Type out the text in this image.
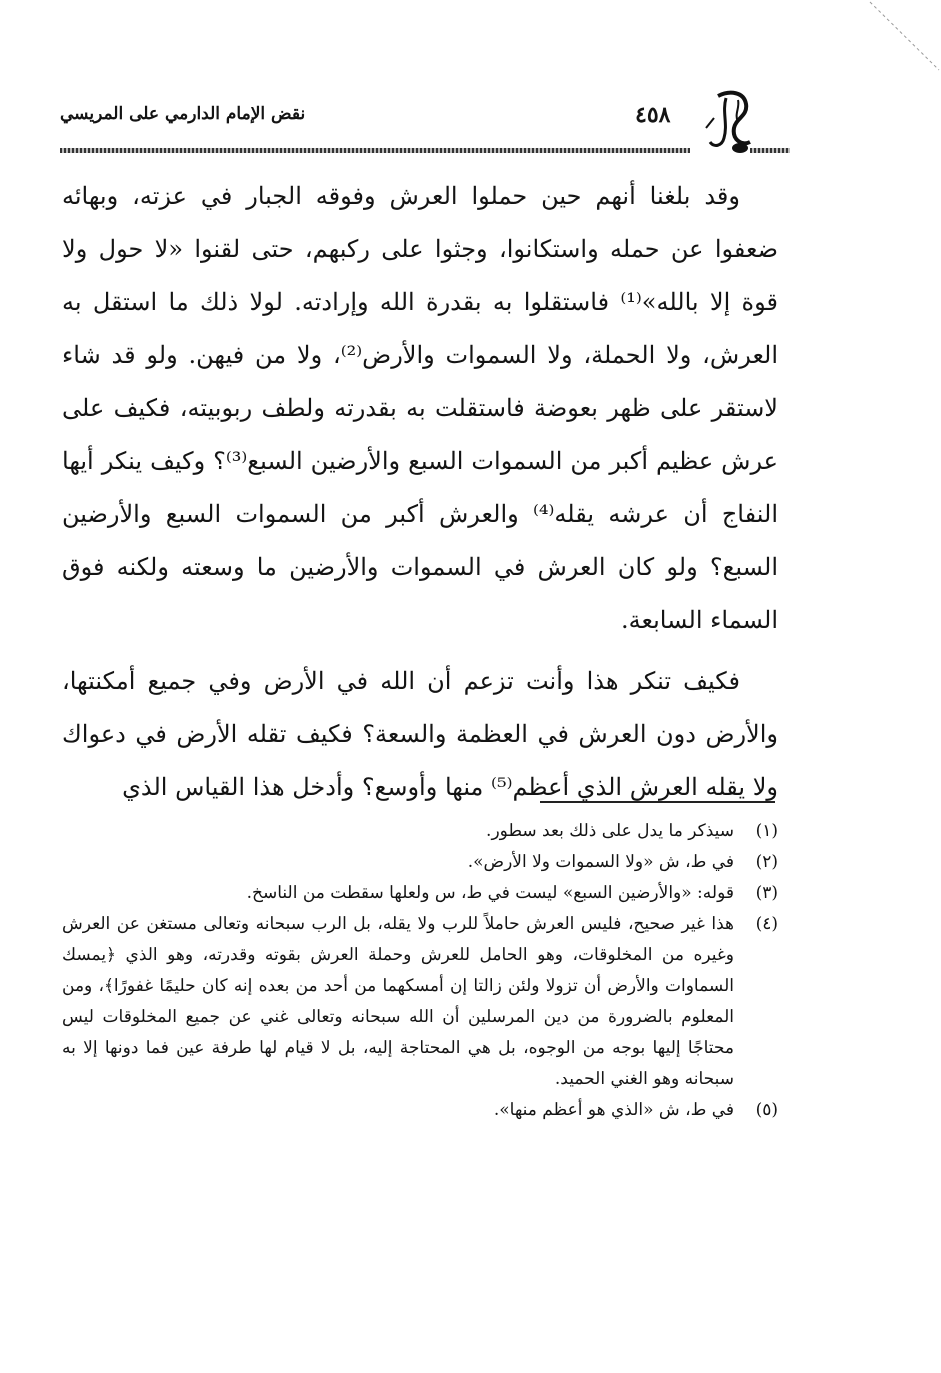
نقض الإمام الدارمي على المريسي	٤٥٨

وقد بلغنا أنهم حين حملوا العرش وفوقه الجبار في عزته، وبهائه ضعفوا عن حمله واستكانوا، وجثوا على ركبهم، حتى لقنوا «لا حول ولا قوة إلا بالله»⁽¹⁾ فاستقلوا به بقدرة الله وإرادته. لولا ذلك ما استقل به العرش، ولا الحملة، ولا السموات والأرض⁽²⁾، ولا من فيهن. ولو قد شاء لاستقر على ظهر بعوضة فاستقلت به بقدرته ولطف ربوبيته، فكيف على عرش عظيم أكبر من السموات السبع والأرضين السبع⁽³⁾؟ وكيف ينكر أيها النفاج أن عرشه يقله⁽⁴⁾ والعرش أكبر من السموات السبع والأرضين السبع؟ ولو كان العرش في السموات والأرضين ما وسعته ولكنه فوق السماء السابعة.

فكيف تنكر هذا وأنت تزعم أن الله في الأرض وفي جميع أمكنتها، والأرض دون العرش في العظمة والسعة؟ فكيف تقله الأرض في دعواك ولا يقله العرش الذي أعظم⁽⁵⁾ منها وأوسع؟ وأدخل هذا القياس الذي

(١)
سيذكر ما يدل على ذلك بعد سطور.
(٢)
في ط، ش «ولا السموات ولا الأرض».
(٣)
قوله: «والأرضين السبع» ليست في ط، س ولعلها سقطت من الناسخ.
(٤)
هذا غير صحيح، فليس العرش حاملاً للرب ولا يقله، بل الرب سبحانه وتعالى مستغن عن العرش وغيره من المخلوقات، وهو الحامل للعرش وحملة العرش بقوته وقدرته، وهو الذي ﴿يمسك السماوات والأرض أن تزولا ولئن زالتا إن أمسكهما من أحد من بعده إنه كان حليمًا غفورًا﴾، ومن المعلوم بالضرورة من دين المرسلين أن الله سبحانه وتعالى غني عن جميع المخلوقات ليس محتاجًا إليها بوجه من الوجوه، بل هي المحتاجة إليه، بل لا قيام لها طرفة عين فما دونها إلا به سبحانه وهو الغني الحميد.
(٥)
في ط، ش «الذي هو أعظم منها».
